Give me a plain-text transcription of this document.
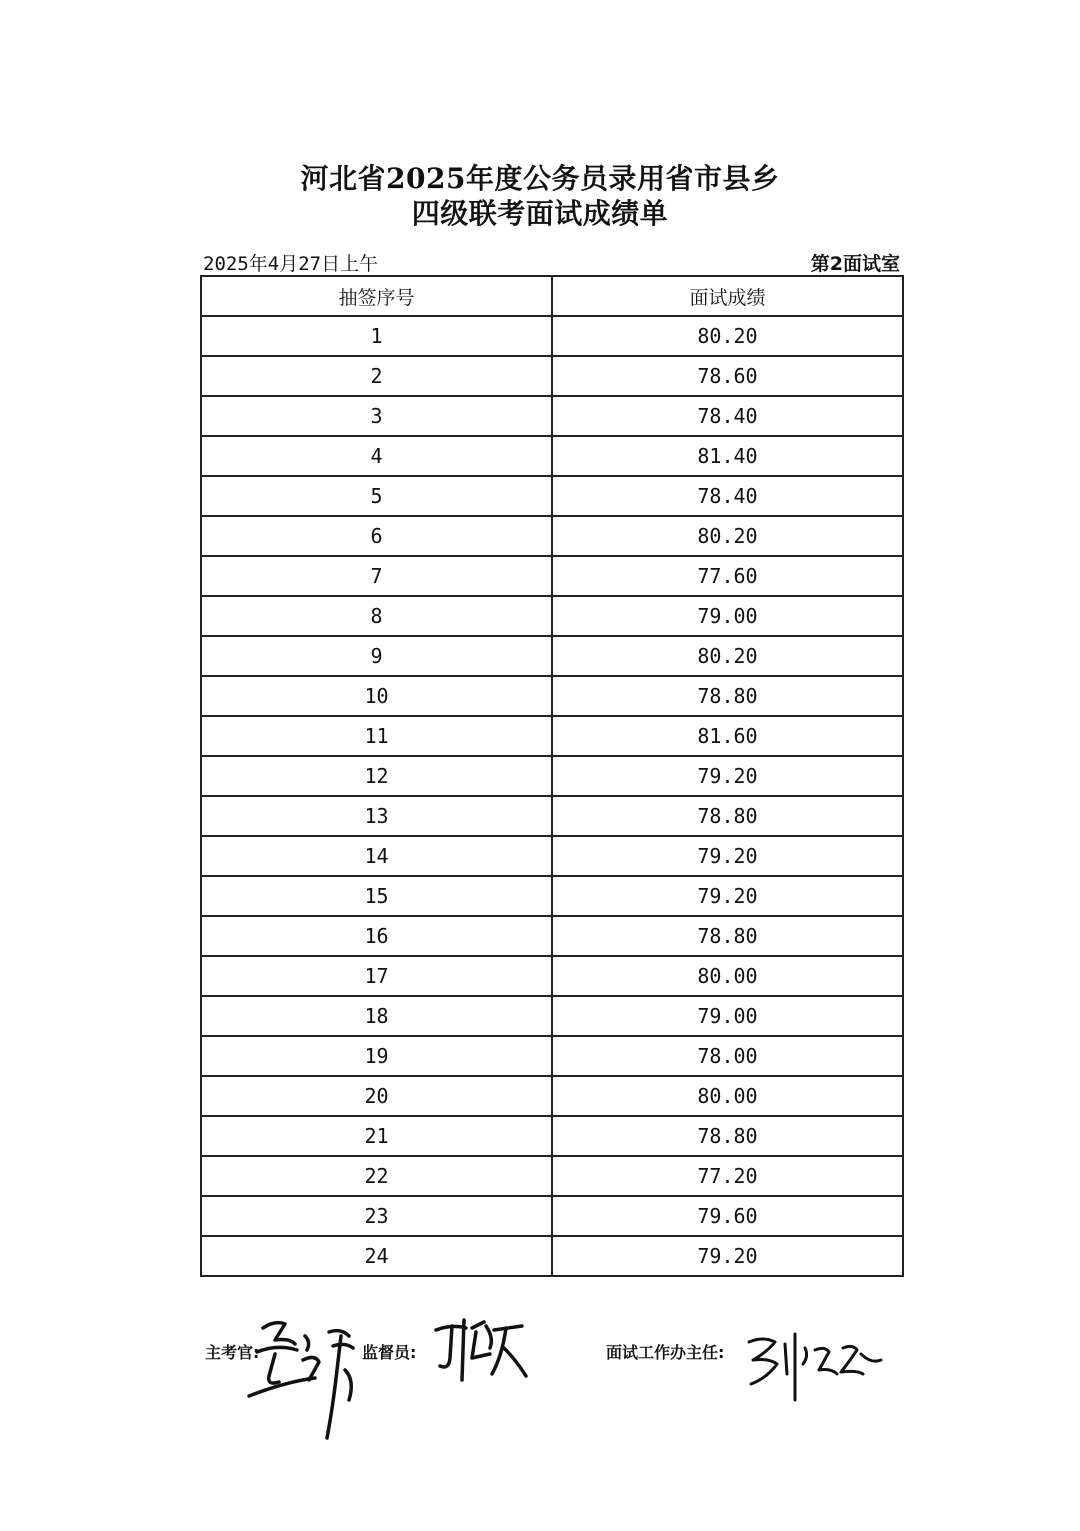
河北省2025年度公务员录用省市县乡
四级联考面试成绩单
2025年4月27日上午	第2面试室
抽签序号	面试成绩
1	80.20
2	78.60
3	78.40
4	81.40
5	78.40
6	80.20
7	77.60
8	79.00
9	80.20
10	78.80
11	81.60
12	79.20
13	78.80
14	79.20
15	79.20
16	78.80
17	80.00
18	79.00
19	78.00
20	80.00
21	78.80
22	77.20
23	79.60
24	79.20
主考官:	监督员:	面试工作办主任:
